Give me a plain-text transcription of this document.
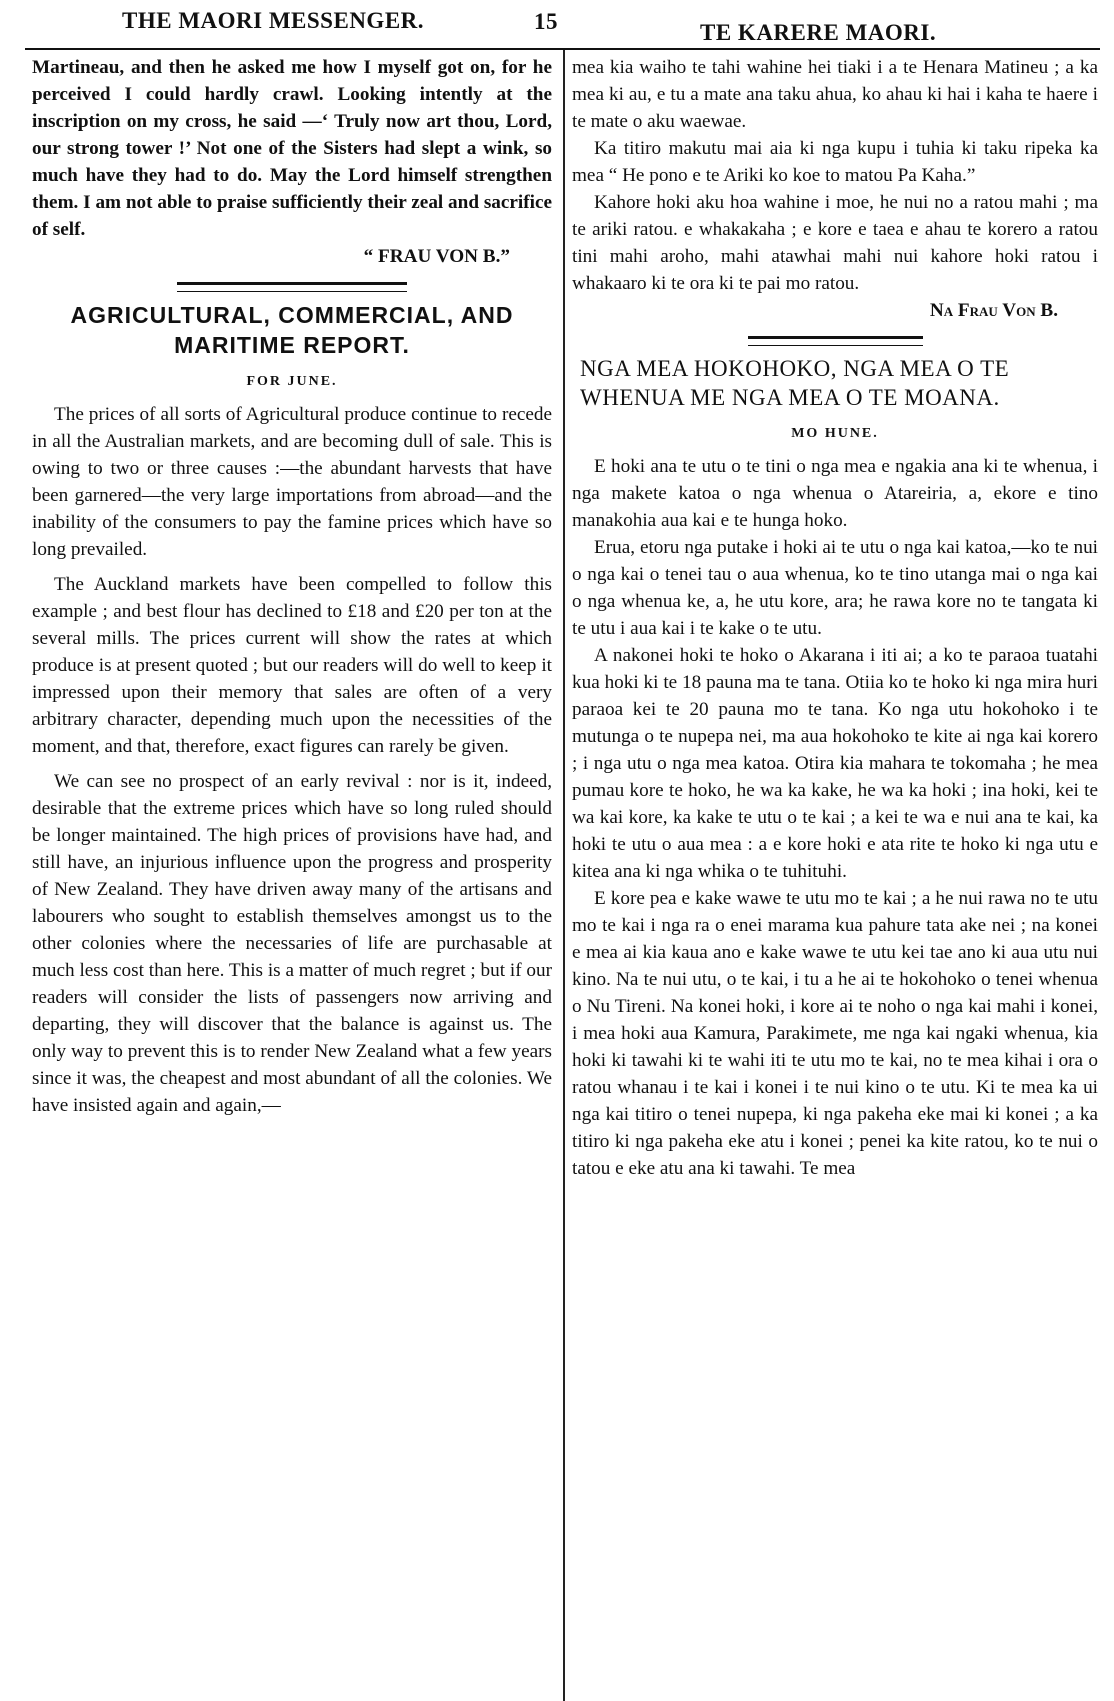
THE MAORI MESSENGER.	15	TE KARERE MAORI.

Martineau, and then he asked me how I myself got on, for he perceived I could hardly crawl. Looking intently at the inscription on my cross, he said —‘ Truly now art thou, Lord, our strong tower !’ Not one of the Sisters had slept a wink, so much have they had to do. May the Lord himself strengthen them. I am not able to praise sufficiently their zeal and sacrifice of self.

“ FRAU VON B.”

AGRICULTURAL, COMMERCIAL, AND
MARITIME REPORT.
FOR JUNE.

The prices of all sorts of Agricultural produce continue to recede in all the Australian markets, and are becoming dull of sale. This is owing to two or three causes :—the abundant harvests that have been garnered—the very large importations from abroad—and the inability of the consumers to pay the famine prices which have so long prevailed.

The Auckland markets have been compelled to follow this example ; and best flour has declined to £18 and £20 per ton at the several mills. The prices current will show the rates at which produce is at present quoted ; but our readers will do well to keep it impressed upon their memory that sales are often of a very arbitrary character, depending much upon the necessities of the moment, and that, therefore, exact figures can rarely be given.

We can see no prospect of an early revival : nor is it, indeed, desirable that the extreme prices which have so long ruled should be longer maintained. The high prices of provisions have had, and still have, an injurious influence upon the progress and prosperity of New Zealand. They have driven away many of the artisans and labourers who sought to establish themselves amongst us to the other colonies where the necessaries of life are purchasable at much less cost than here. This is a matter of much regret ; but if our readers will consider the lists of passengers now arriving and departing, they will discover that the balance is against us. The only way to prevent this is to render New Zealand what a few years since it was, the cheapest and most abundant of all the colonies. We have insisted again and again,—

mea kia waiho te tahi wahine hei tiaki i a te Henara Matineu ; a ka mea ki au, e tu a mate ana taku ahua, ko ahau ki hai i kaha te haere i te mate o aku waewae.

Ka titiro makutu mai aia ki nga kupu i tuhia ki taku ripeka ka mea “ He pono e te Ariki ko koe to matou Pa Kaha.”

Kahore hoki aku hoa wahine i moe, he nui no a ratou mahi ; ma te ariki ratou. e whakakaha ; e kore e taea e ahau te korero a ratou tini mahi aroho, mahi atawhai mahi nui kahore hoki ratou i whakaaro ki te ora ki te pai mo ratou.

Na Frau Von B.

NGA MEA HOKOHOKO, NGA MEA O TE WHENUA ME NGA MEA O TE MOANA.
MO HUNE.

E hoki ana te utu o te tini o nga mea e ngakia ana ki te whenua, i nga makete katoa o nga whenua o Atareiria, a, ekore e tino manakohia aua kai e te hunga hoko.

Erua, etoru nga putake i hoki ai te utu o nga kai katoa,—ko te nui o nga kai o tenei tau o aua whenua, ko te tino utanga mai o nga kai o nga whenua ke, a, he utu kore, ara; he rawa kore no te tangata ki te utu i aua kai i te kake o te utu.

A nakonei hoki te hoko o Akarana i iti ai; a ko te paraoa tuatahi kua hoki ki te 18 pauna ma te tana. Otiia ko te hoko ki nga mira huri paraoa kei te 20 pauna mo te tana. Ko nga utu hokohoko i te mutunga o te nupepa nei, ma aua hokohoko te kite ai nga kai korero ; i nga utu o nga mea katoa. Otira kia mahara te tokomaha ; he mea pumau kore te hoko, he wa ka kake, he wa ka hoki ; ina hoki, kei te wa kai kore, ka kake te utu o te kai ; a kei te wa e nui ana te kai, ka hoki te utu o aua mea : a e kore hoki e ata rite te hoko ki nga utu e kitea ana ki nga whika o te tuhituhi.

E kore pea e kake wawe te utu mo te kai ; a he nui rawa no te utu mo te kai i nga ra o enei marama kua pahure tata ake nei ; na konei e mea ai kia kaua ano e kake wawe te utu kei tae ano ki aua utu nui kino. Na te nui utu, o te kai, i tu a he ai te hokohoko o tenei whenua o Nu Tireni. Na konei hoki, i kore ai te noho o nga kai mahi i konei, i mea hoki aua Kamura, Parakimete, me nga kai ngaki whenua, kia hoki ki tawahi ki te wahi iti te utu mo te kai, no te mea kihai i ora o ratou whanau i te kai i konei i te nui kino o te utu. Ki te mea ka ui nga kai titiro o tenei nupepa, ki nga pakeha eke mai ki konei ; a ka titiro ki nga pakeha eke atu i konei ; penei ka kite ratou, ko te nui o tatou e eke atu ana ki tawahi. Te mea
